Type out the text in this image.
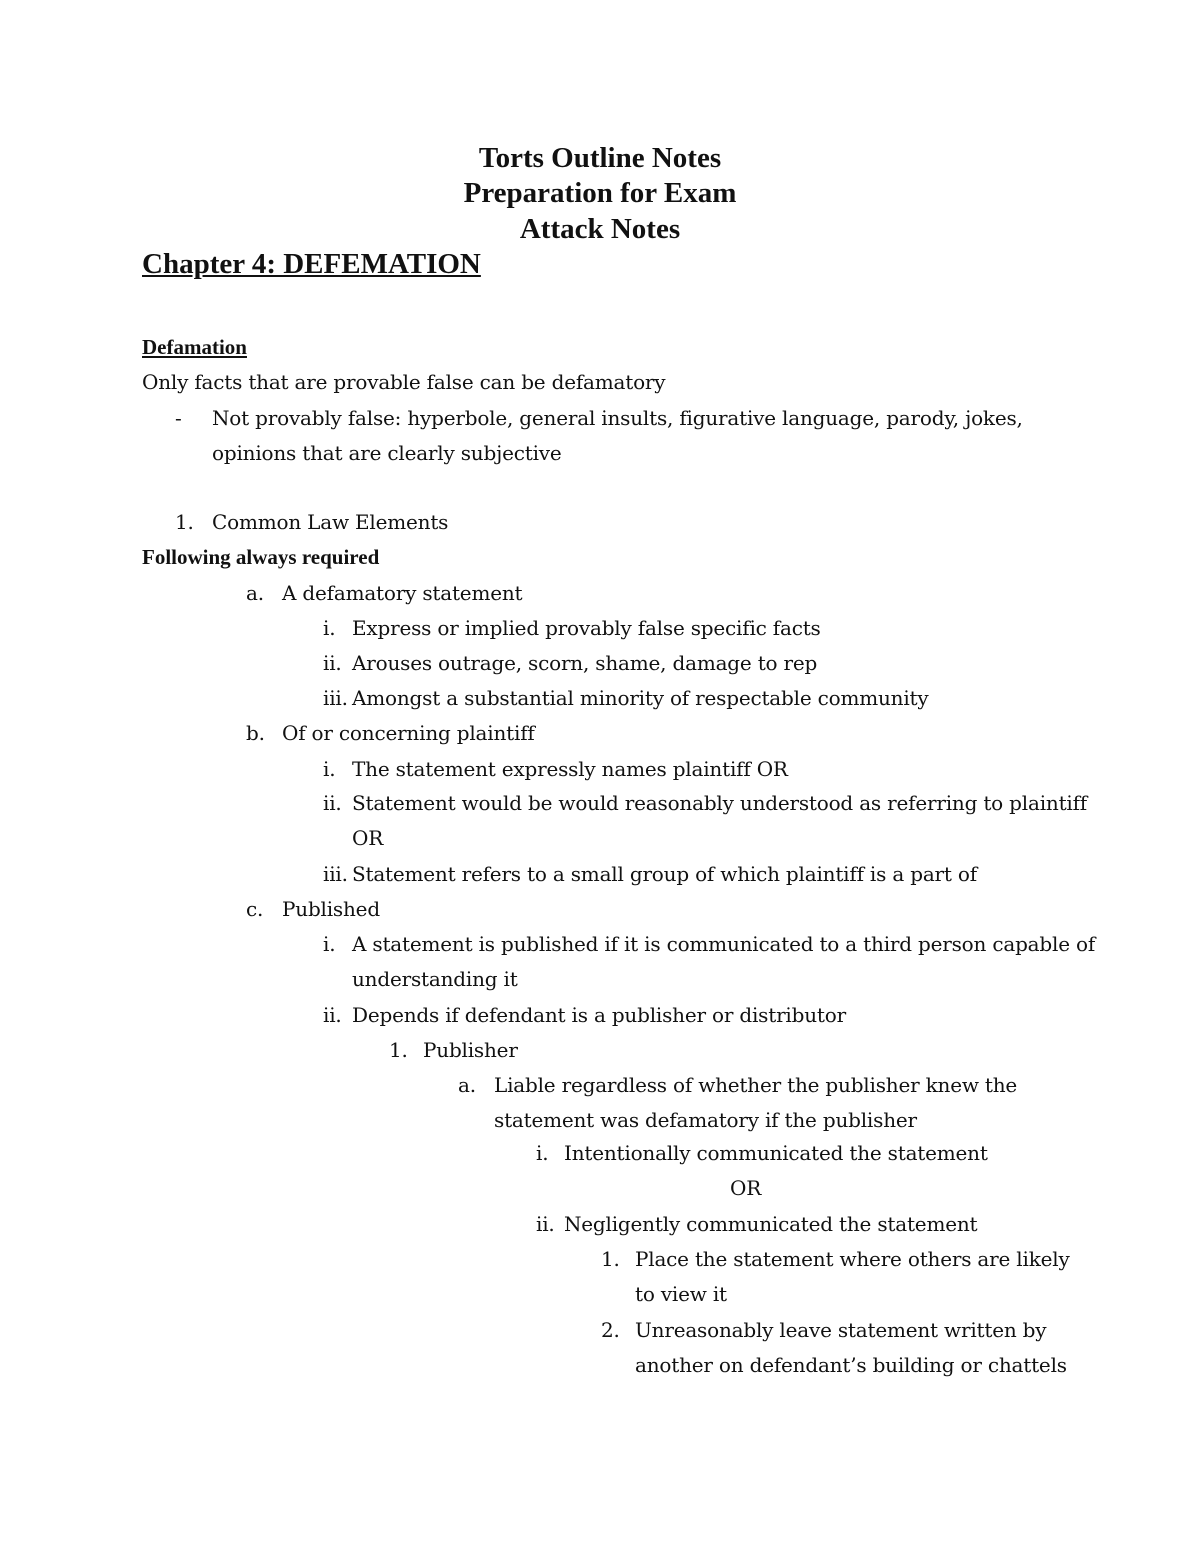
Torts Outline Notes
Preparation for Exam
Attack Notes
Chapter 4: DEFEMATION
Defamation
Only facts that are provable false can be defamatory
- Not provably false: hyperbole, general insults, figurative language, parody, jokes,
opinions that are clearly subjective
1. Common Law Elements
Following always required
a. A defamatory statement
i. Express or implied provably false specific facts
ii. Arouses outrage, scorn, shame, damage to rep
iii. Amongst a substantial minority of respectable community
b. Of or concerning plaintiff
i. The statement expressly names plaintiff OR
ii. Statement would be would reasonably understood as referring to plaintiff
OR
iii. Statement refers to a small group of which plaintiff is a part of
c. Published
i. A statement is published if it is communicated to a third person capable of
understanding it
ii. Depends if defendant is a publisher or distributor
1. Publisher
a. Liable regardless of whether the publisher knew the
statement was defamatory if the publisher
i. Intentionally communicated the statement
OR
ii. Negligently communicated the statement
1. Place the statement where others are likely
to view it
2. Unreasonably leave statement written by
another on defendant’s building or chattels
